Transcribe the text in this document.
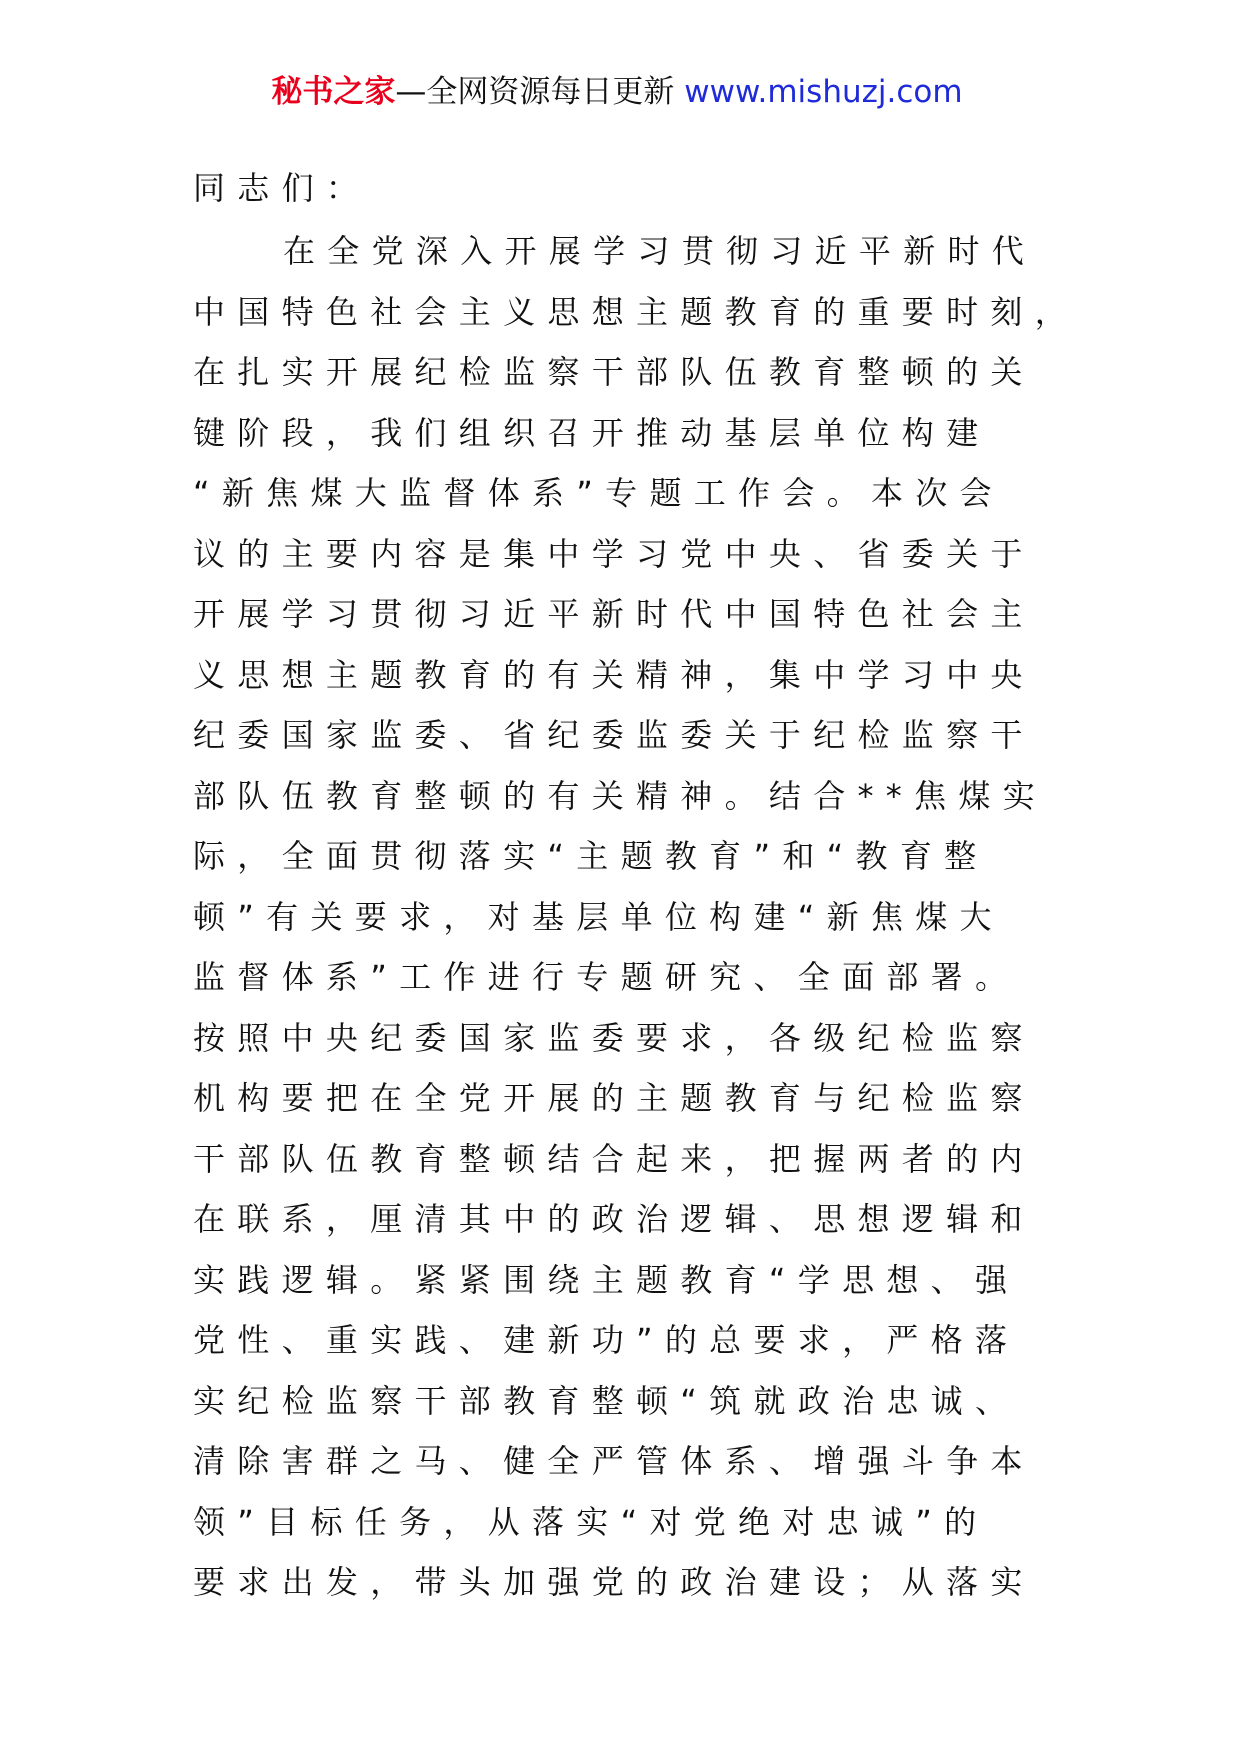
秘书之家—全网资源每日更新 www.mishuzj.com
同志们：
在全党深入开展学习贯彻习近平新时代
中国特色社会主义思想主题教育的重要时刻，
在扎实开展纪检监察干部队伍教育整顿的关
键阶段，我们组织召开推动基层单位构建
“新焦煤大监督体系”专题工作会。本次会
议的主要内容是集中学习党中央、省委关于
开展学习贯彻习近平新时代中国特色社会主
义思想主题教育的有关精神，集中学习中央
纪委国家监委、省纪委监委关于纪检监察干
部队伍教育整顿的有关精神。结合**焦煤实
际，全面贯彻落实“主题教育”和“教育整
顿”有关要求，对基层单位构建“新焦煤大
监督体系”工作进行专题研究、全面部署。
按照中央纪委国家监委要求，各级纪检监察
机构要把在全党开展的主题教育与纪检监察
干部队伍教育整顿结合起来，把握两者的内
在联系，厘清其中的政治逻辑、思想逻辑和
实践逻辑。紧紧围绕主题教育“学思想、强
党性、重实践、建新功”的总要求，严格落
实纪检监察干部教育整顿“筑就政治忠诚、
清除害群之马、健全严管体系、增强斗争本
领”目标任务，从落实“对党绝对忠诚”的
要求出发，带头加强党的政治建设；从落实
